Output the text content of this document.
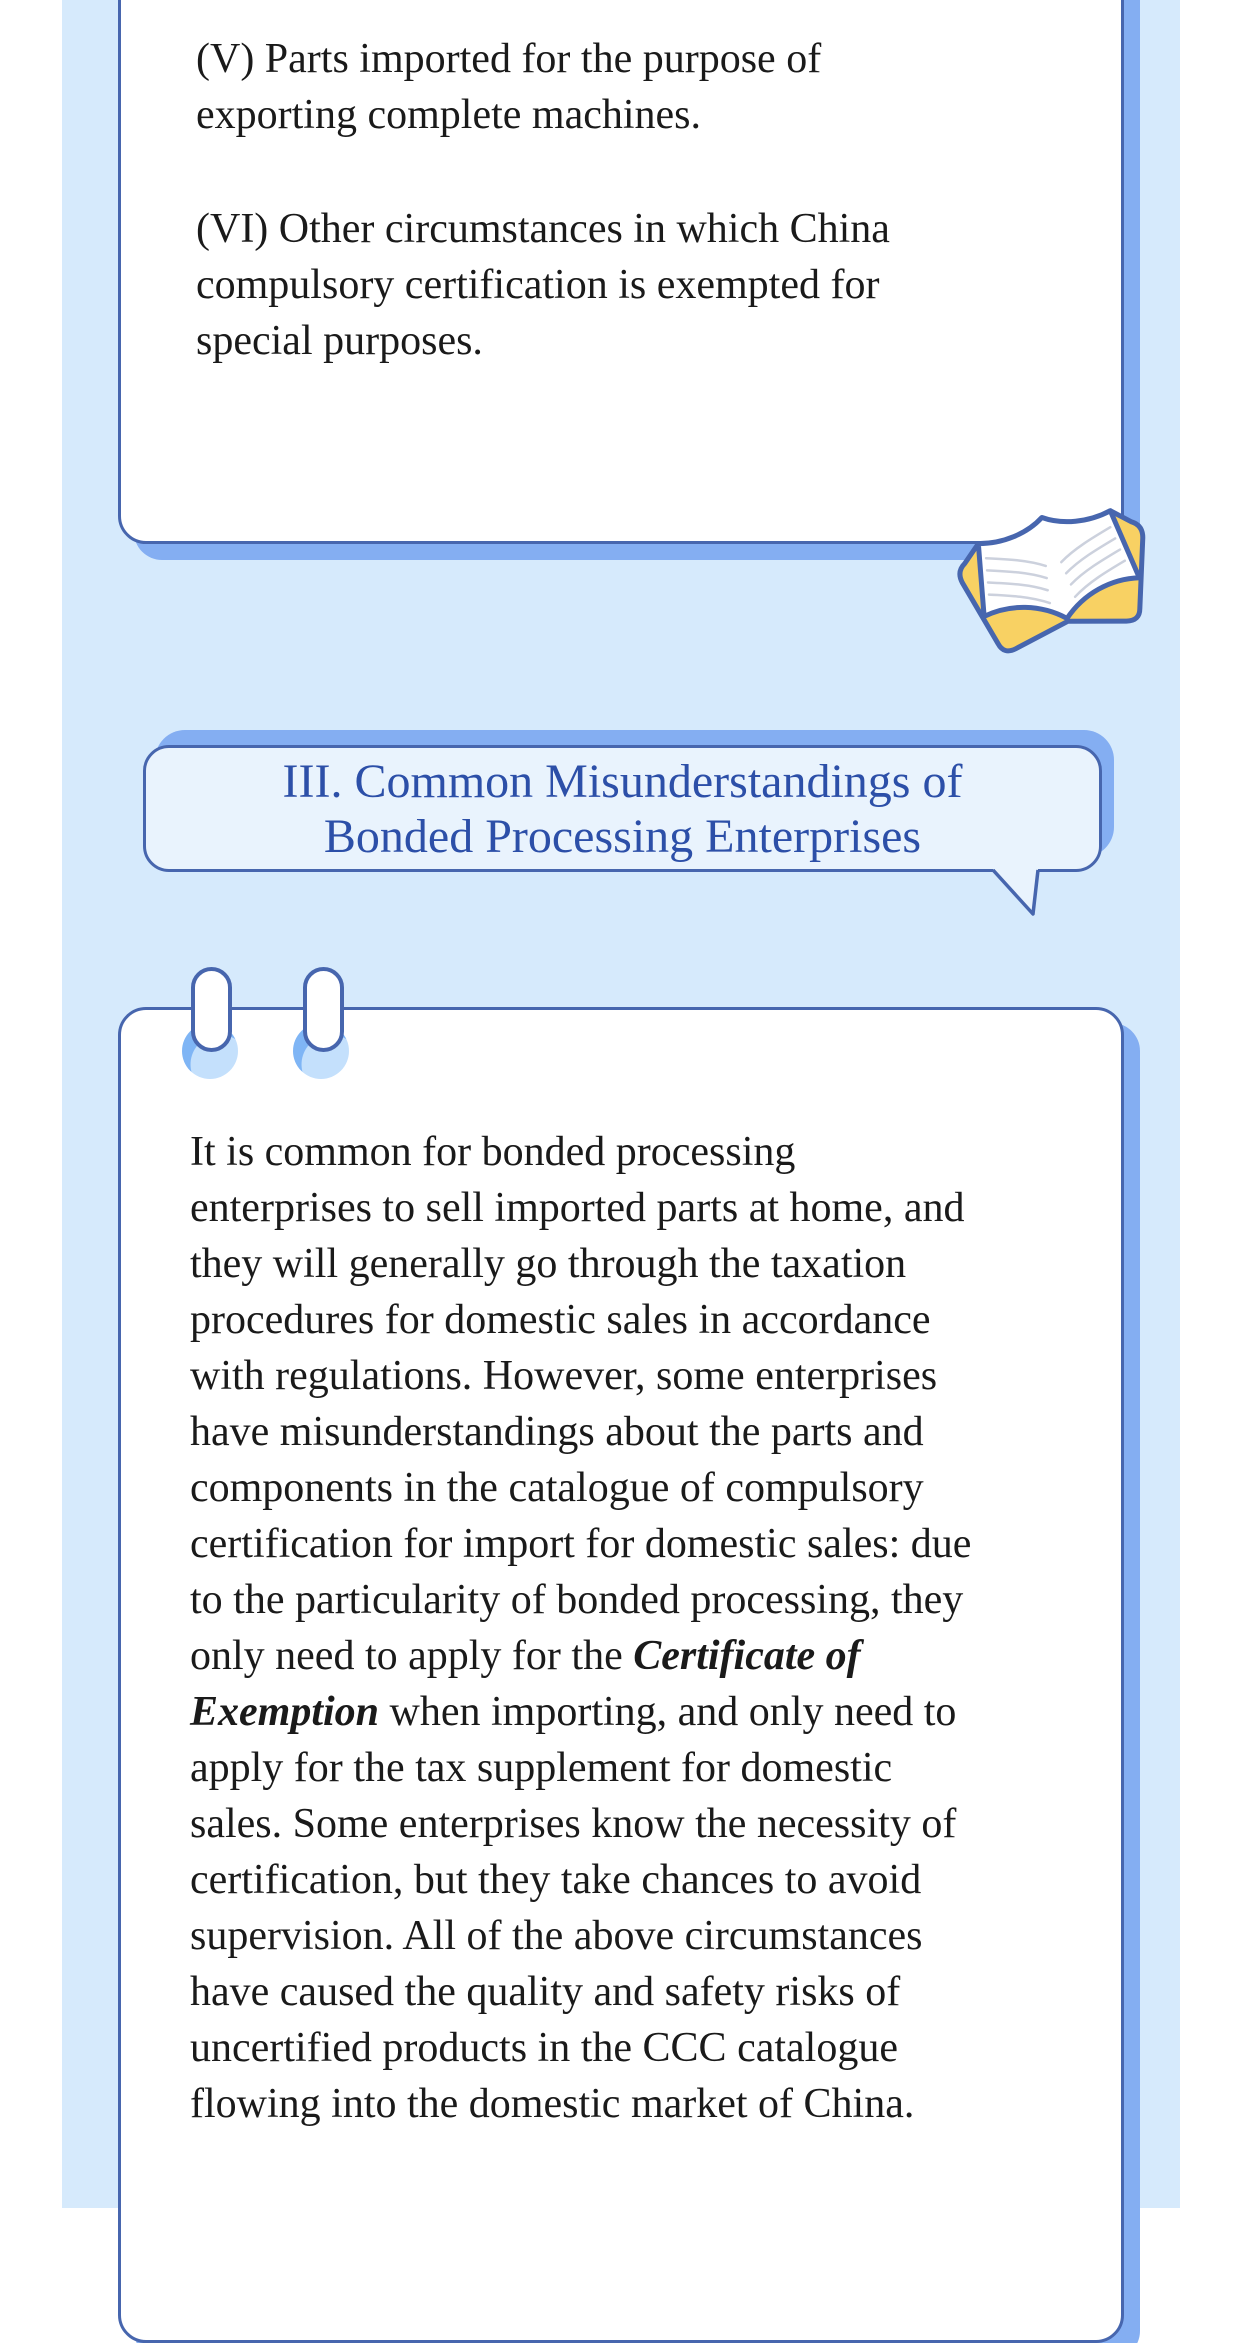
(V) Parts imported for the purpose of
exporting complete machines.
(VI) Other circumstances in which China
compulsory certification is exempted for
special purposes.
III. Common Misunderstandings of
Bonded Processing Enterprises
It is common for bonded processing
enterprises to sell imported parts at home, and
they will generally go through the taxation
procedures for domestic sales in accordance
with regulations. However, some enterprises
have misunderstandings about the parts and
components in the catalogue of compulsory
certification for import for domestic sales: due
to the particularity of bonded processing, they
only need to apply for the Certificate of
Exemption when importing, and only need to
apply for the tax supplement for domestic
sales. Some enterprises know the necessity of
certification, but they take chances to avoid
supervision. All of the above circumstances
have caused the quality and safety risks of
uncertified products in the CCC catalogue
flowing into the domestic market of China.
